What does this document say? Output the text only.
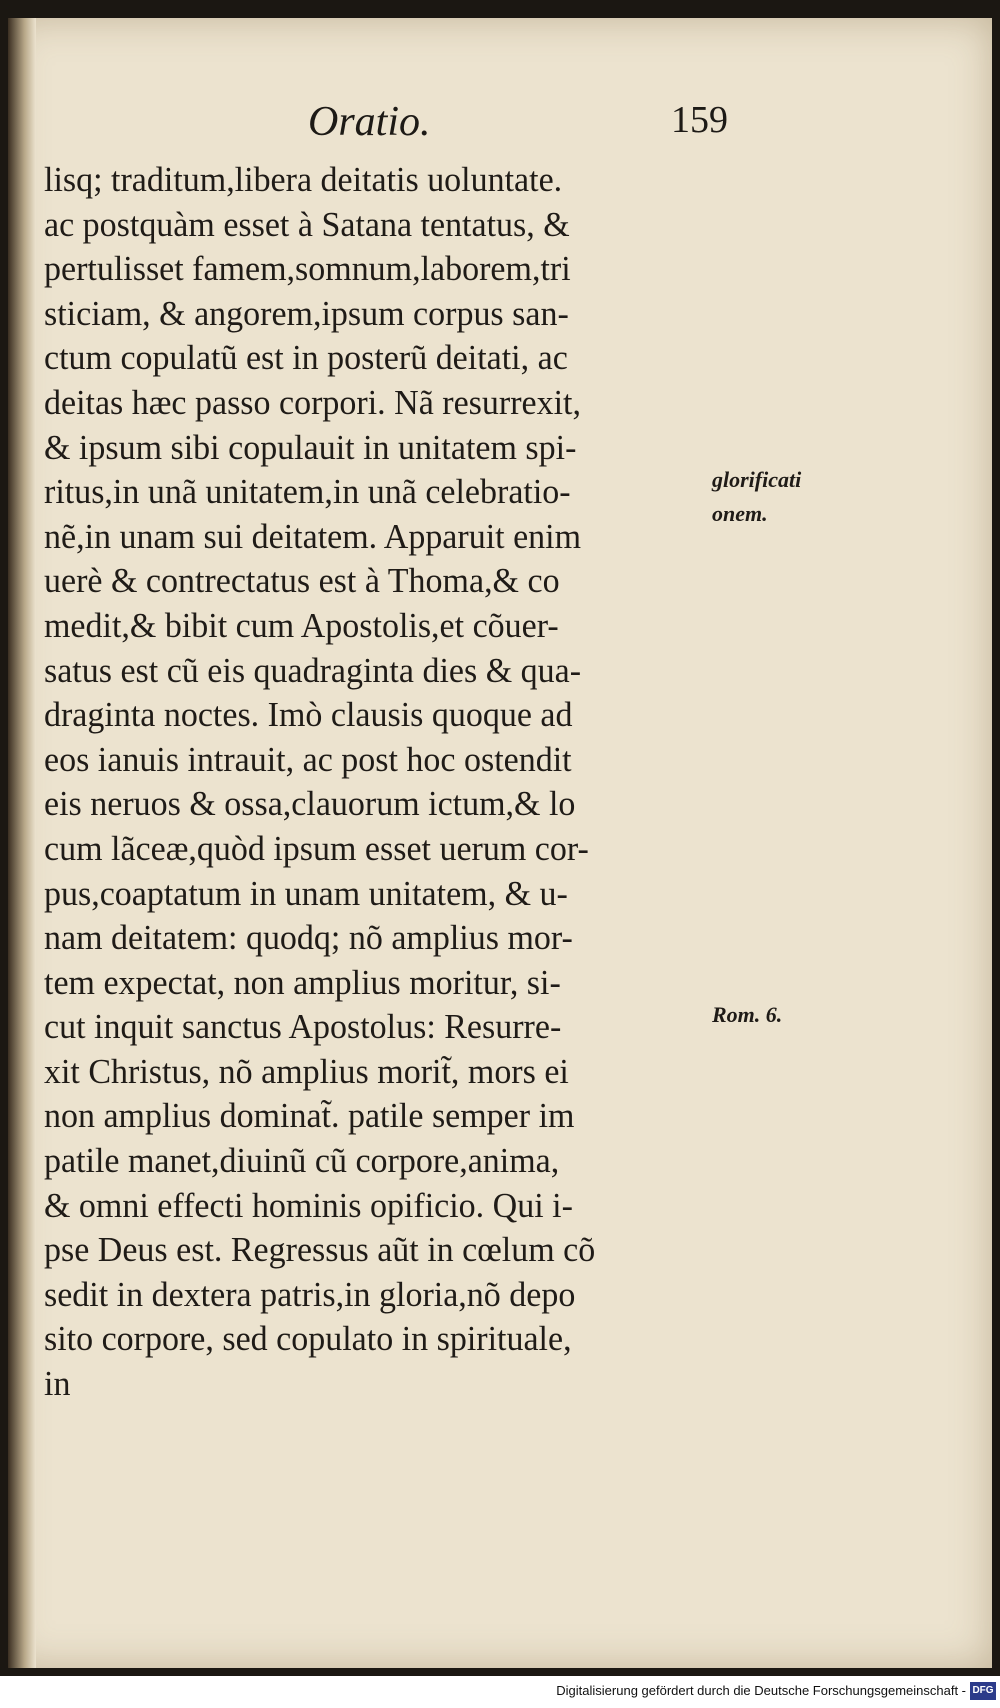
Oratio.	159
lisq; traditum,libera deitatis uoluntate.
ac postquàm esset à Satana tentatus, &
pertulisset famem,somnum,laborem,tri
sticiam, & angorem,ipsum corpus san-
ctum copulatũ est in posterũ deitati, ac
deitas hæc passo corpori. Nã resurrexit,
& ipsum sibi copulauit in unitatem spi-
ritus,in unã unitatem,in unã celebratio-
nẽ,in unam sui deitatem. Apparuit enim
uerè & contrectatus est à Thoma,& co
medit,& bibit cum Apostolis,et cõuer-
satus est cũ eis quadraginta dies & qua-
draginta noctes. Imò clausis quoque ad
eos ianuis intrauit, ac post hoc ostendit
eis neruos & ossa,clauorum ictum,& lo
cum lãceæ,quòd ipsum esset uerum cor-
pus,coaptatum in unam unitatem, & u-
nam deitatem: quodq; nõ amplius mor-
tem expectat, non amplius moritur, si-
cut inquit sanctus Apostolus: Resurre-
xit Christus, nõ amplius morit̃, mors ei
non amplius dominat̃. patile semper im
patile manet,diuinũ cũ corpore,anima,
& omni effecti hominis opificio. Qui i-
pse Deus est. Regressus aũt in cœlum cõ
sedit in dextera patris,in gloria,nõ depo
sito corpore, sed copulato in spirituale,
in
glorificati
onem.
Rom. 6.
Digitalisierung gefördert durch die Deutsche Forschungsgemeinschaft - DFG
